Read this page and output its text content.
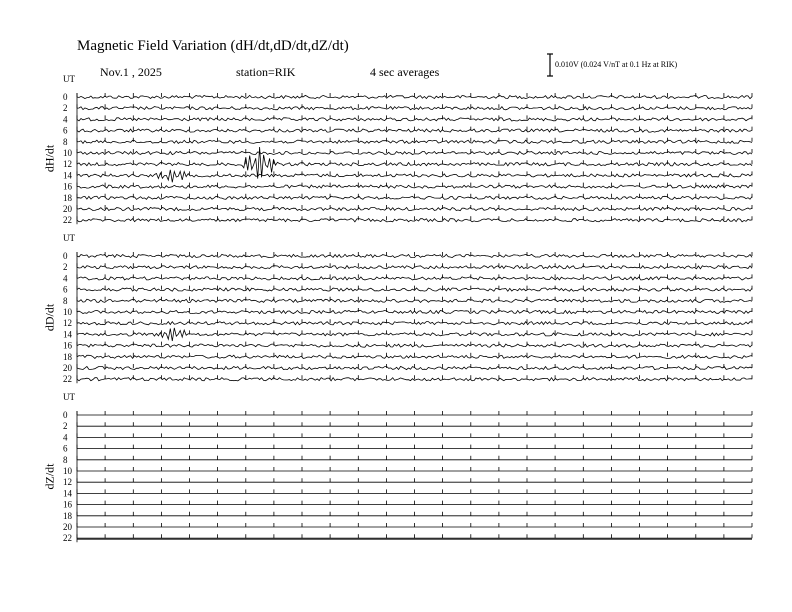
0
2
4
6
8
10
12
14
16
18
20
22
0
2
4
6
8
10
12
14
16
18
20
22
0
2
4
6
8
10
12
14
16
18
20
22
Magnetic Field Variation (dH/dt,dD/dt,dZ/dt)
Nov.1 , 2025	station=RIK	4 sec averages
0.010V (0.024 V/nT at 0.1 Hz at RIK)
UT
dH/dt
UT
dD/dt
UT
dZ/dt
